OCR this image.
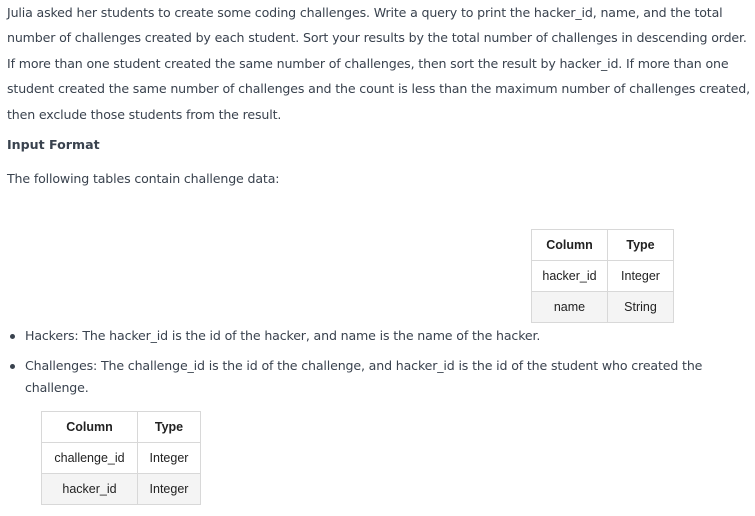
Julia asked her students to create some coding challenges. Write a query to print the hacker_id, name, and the total number of challenges created by each student. Sort your results by the total number of challenges in descending order. If more than one student created the same number of challenges, then sort the result by hacker_id. If more than one student created the same number of challenges and the count is less than the maximum number of challenges created, then exclude those students from the result.
Input Format
The following tables contain challenge data:
Column	Type
hacker_id	Integer
name	String
Hackers: The hacker_id is the id of the hacker, and name is the name of the hacker.
Challenges: The challenge_id is the id of the challenge, and hacker_id is the id of the student who created the challenge.
Column	Type
challenge_id	Integer
hacker_id	Integer
